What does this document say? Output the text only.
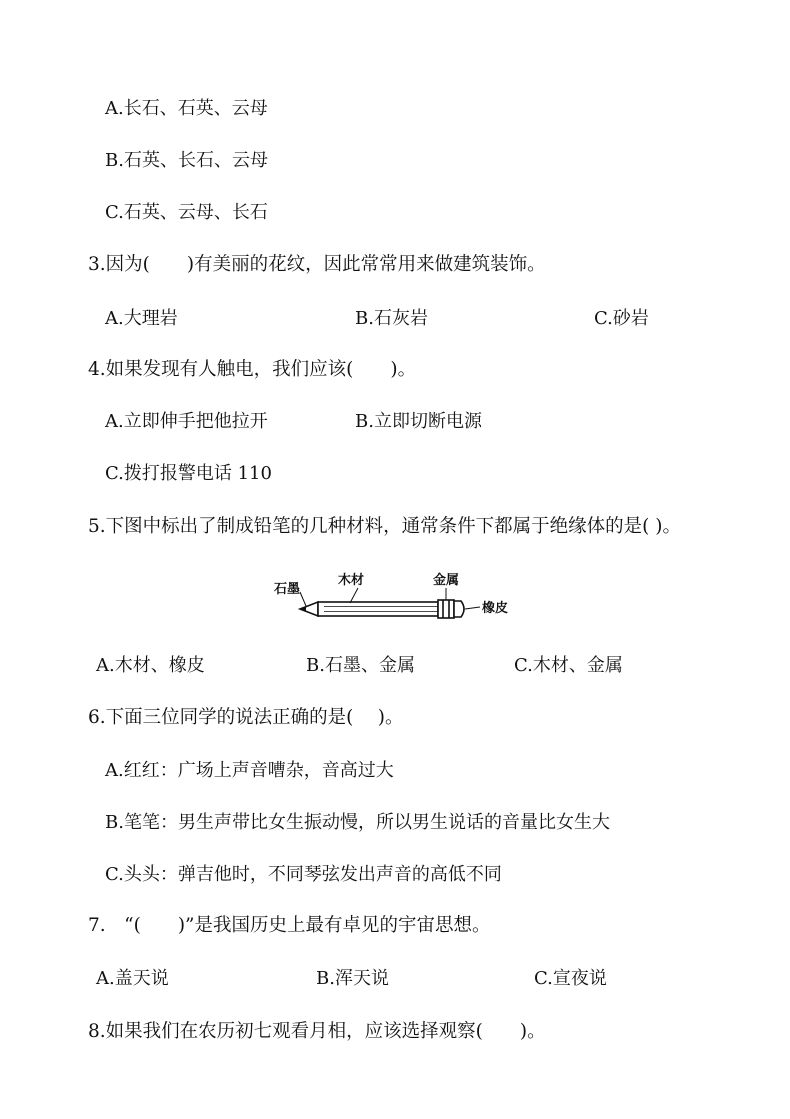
A.长石、石英、云母
B.石英、长石、云母
C.石英、云母、长石
3.因为(　　)有美丽的花纹，因此常常用来做建筑装饰。
A.大理岩	B.石灰岩	C.砂岩
4.如果发现有人触电，我们应该(　　)。
A.立即伸手把他拉开	B.立即切断电源
C.拨打报警电话 110
5.下图中标出了制成铅笔的几种材料，通常条件下都属于绝缘体的是( )。
石墨
木材	金属
橡皮
A.木材、橡皮	B.石墨、金属	C.木材、金属
6.下面三位同学的说法正确的是(　 )。
A.红红：广场上声音嘈杂，音高过大
B.笔笔：男生声带比女生振动慢，所以男生说话的音量比女生大
C.头头：弹吉他时，不同琴弦发出声音的高低不同
7.　“(　　)”是我国历史上最有卓见的宇宙思想。
A.盖天说	B.浑天说	C.宣夜说
8.如果我们在农历初七观看月相，应该选择观察(　　)。
